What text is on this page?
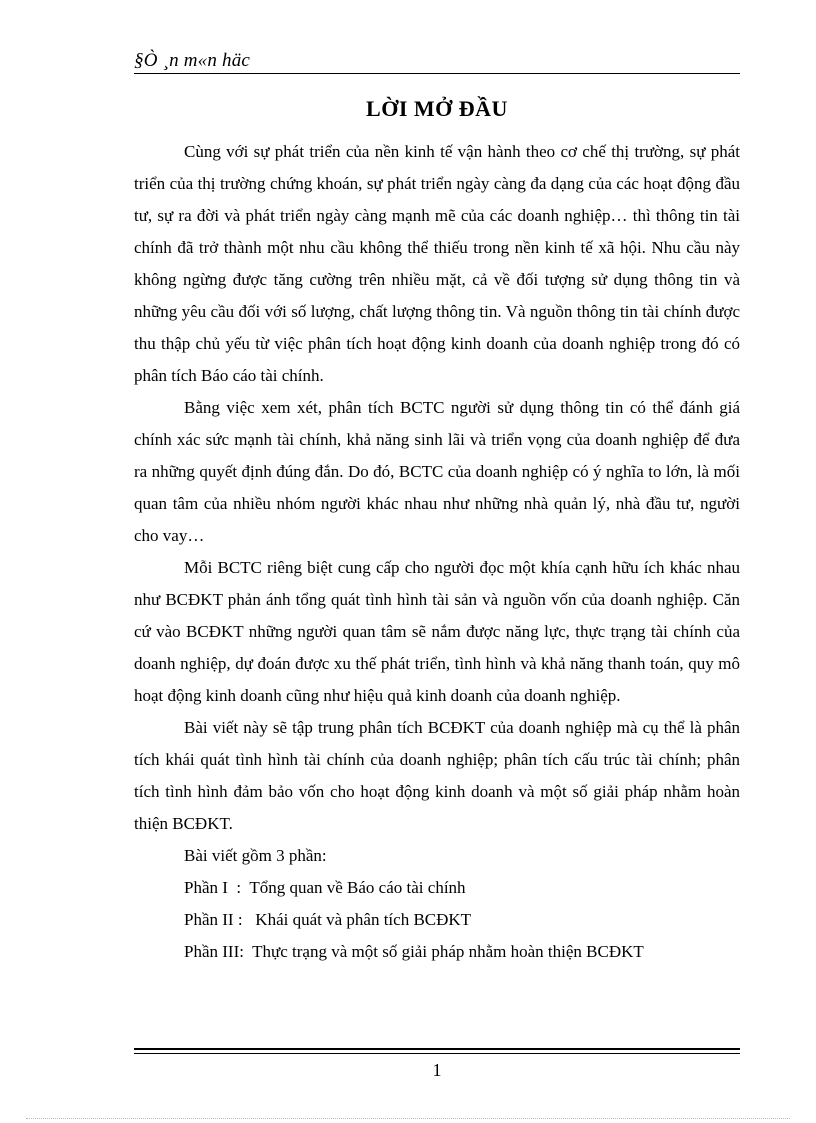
§Ò ¸n m«n häc
LỜI MỞ ĐẦU

Cùng với sự phát triển của nền kinh tế vận hành theo cơ chế thị trường, sự phát triển của thị trường chứng khoán, sự phát triển ngày càng đa dạng của các hoạt động đầu tư, sự ra đời và phát triển ngày càng mạnh mẽ của các doanh nghiệp… thì thông tin tài chính đã trở thành một nhu cầu không thể thiếu trong nền kinh tế xã hội. Nhu cầu này không ngừng được tăng cường trên nhiều mặt, cả về đối tượng sử dụng thông tin và những yêu cầu đối với số lượng, chất lượng thông tin. Và nguồn thông tin tài chính được thu thập chủ yếu từ việc phân tích hoạt động kinh doanh của doanh nghiệp trong đó có phân tích Báo cáo tài chính.

Bằng việc xem xét, phân tích BCTC người sử dụng thông tin có thể đánh giá chính xác sức mạnh tài chính, khả năng sinh lãi và triển vọng của doanh nghiệp để đưa ra những quyết định đúng đắn. Do đó, BCTC của doanh nghiệp có ý nghĩa to lớn, là mối quan tâm của nhiều nhóm người khác nhau như những nhà quản lý, nhà đầu tư, người cho vay…

Mỗi BCTC riêng biệt cung cấp cho người đọc một khía cạnh hữu ích khác nhau như BCĐKT phản ánh tổng quát tình hình tài sản và nguồn vốn của doanh nghiệp. Căn cứ vào BCĐKT những người quan tâm sẽ nắm được năng lực, thực trạng tài chính của doanh nghiệp, dự đoán được xu thế phát triển, tình hình và khả năng thanh toán, quy mô hoạt động kinh doanh cũng như hiệu quả kinh doanh của doanh nghiệp.

Bài viết này sẽ tập trung phân tích BCĐKT của doanh nghiệp mà cụ thể là phân tích khái quát tình hình tài chính của doanh nghiệp; phân tích cấu trúc tài chính; phân tích tình hình đảm bảo vốn cho hoạt động kinh doanh và một số giải pháp nhằm hoàn thiện BCĐKT.

Bài viết gồm 3 phần:

Phần I  :  Tổng quan về Báo cáo tài chính

Phần II :   Khái quát và phân tích BCĐKT

Phần III:  Thực trạng và một số giải pháp nhằm hoàn thiện BCĐKT

1
